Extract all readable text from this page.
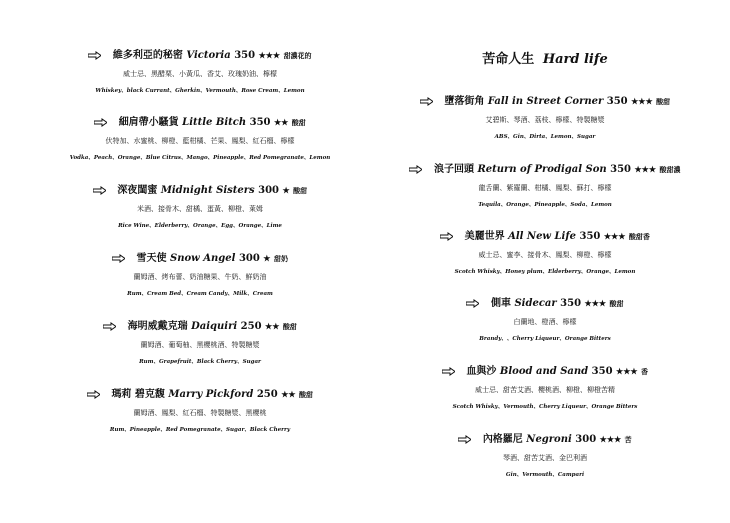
維多利亞的秘密 Victoria 350 ★★★ 甜濃花的
威士忌、黑醋栗、小黃瓜、香艾、玫瑰奶油、檸檬
Whiskey、black Currant、Gherkin、Vermouth、Rose Cream、Lemon
細肩帶小騷貨 Little Bitch 350 ★★ 酸甜
伏特加、水蜜桃、柳橙、藍柑橘、芒果、鳳梨、紅石榴、檸檬
Vodka、Peach、Orange、Blue Citrus、Mango、Pineapple、Red Pomegranate、Lemon
深夜閨蜜 Midnight Sisters 300 ★ 酸甜
米酒、接骨木、甜橘、蛋黃、柳橙、萊姆
Rice Wine、Elderberry、Orange、Egg、Orange、Lime
雪天使 Snow Angel 300 ★ 甜奶
蘭姆酒、烤布蕾、奶油糖果、牛奶、鮮奶油
Rum、Cream Bed、Cream Candy、Milk、Cream
海明威戴克瑞 Daiquiri 250 ★★ 酸甜
蘭姆酒、葡萄柚、黑櫻桃酒、特製糖漿
Rum、Grapefruit、Black Cherry、Sugar
瑪莉 碧克馥 Marry Pickford 250 ★★ 酸甜
蘭姆酒、鳳梨、紅石榴、特製糖漿、黑櫻桃
Rum、Pineapple、Red Pomegranate、Sugar、Black Cherry
苦命人生 Hard life
墮落街角 Fall in Street Corner 350 ★★★ 酸甜
艾碧斯、琴酒、荔枝、檸檬、特製糖漿
ABS、Gin、Dirta、Lemon、Sugar
浪子回頭 Return of Prodigal Son 350 ★★★ 酸甜濃
龍舌蘭、紫羅蘭、柑橘、鳳梨、蘇打、檸檬
Tequila、Orange、Pineapple、Soda、Lemon
美麗世界 All New Life 350 ★★★ 酸甜香
威士忌、蜜李、接骨木、鳳梨、柳橙、檸檬
Scotch Whisky、Honey plum、Elderberry、Orange、Lemon
側車 Sidecar 350 ★★★ 酸甜
白蘭地、橙酒、檸檬
Brandy、、Cherry Liqueur、Orange Bitters
血與沙 Blood and Sand 350 ★★★ 香
威士忌、甜苦艾酒、櫻桃酒、柳橙、柳橙苦精
Scotch Whisky、Vermouth、Cherry Liqueur、Orange Bitters
內格羅尼 Negroni 300 ★★★ 苦
琴酒、甜苦艾酒、金巴利酒
Gin、Vermouth、Campari
